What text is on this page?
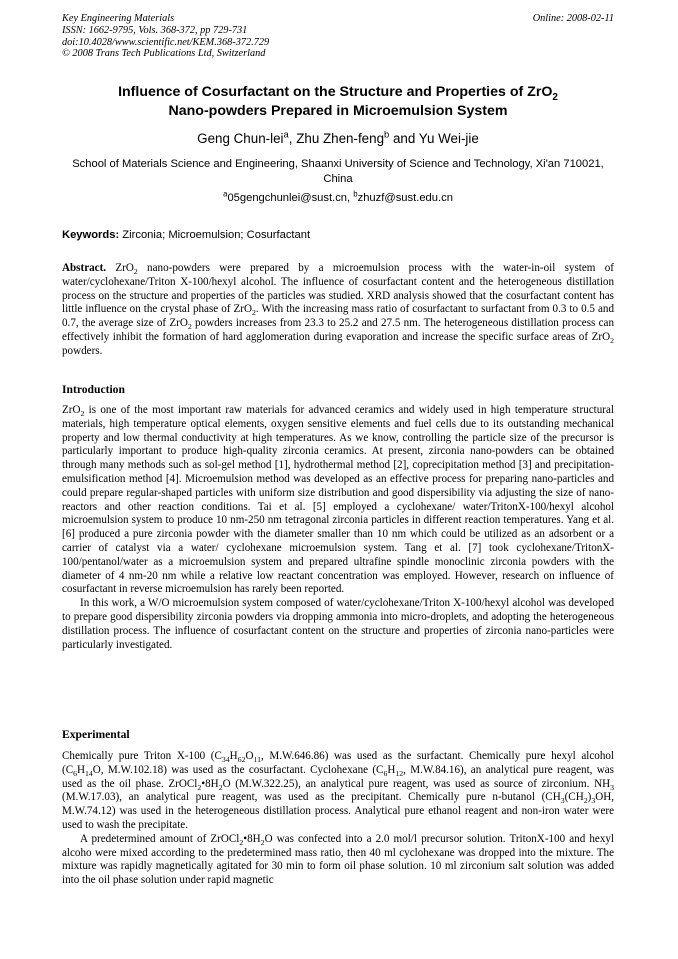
Key Engineering Materials
ISSN: 1662-9795, Vols. 368-372, pp 729-731
doi:10.4028/www.scientific.net/KEM.368-372.729
© 2008 Trans Tech Publications Ltd, Switzerland
Online: 2008-02-11
Influence of Cosurfactant on the Structure and Properties of ZrO$_2$
Nano-powders Prepared in Microemulsion System
Geng Chun-lei$^a$, Zhu Zhen-feng$^b$ and Yu Wei-jie
School of Materials Science and Engineering, Shaanxi University of Science and Technology, Xi'an 710021, China
$^a$05gengchunlei@sust.cn, $^b$zhuzf@sust.edu.cn
Keywords: Zirconia; Microemulsion; Cosurfactant

Abstract. ZrO$_2$ nano-powders were prepared by a microemulsion process with the water-in-oil system of water/cyclohexane/Triton X-100/hexyl alcohol. The influence of cosurfactant content and the heterogeneous distillation process on the structure and properties of the particles was studied. XRD analysis showed that the cosurfactant content has little influence on the crystal phase of ZrO$_2$. With the increasing mass ratio of cosurfactant to surfactant from 0.3 to 0.5 and 0.7, the average size of ZrO$_2$ powders increases from 23.3 to 25.2 and 27.5 nm. The heterogeneous distillation process can effectively inhibit the formation of hard agglomeration during evaporation and increase the specific surface areas of ZrO$_2$ powders.

Introduction

ZrO$_2$ is one of the most important raw materials for advanced ceramics and widely used in high temperature structural materials, high temperature optical elements, oxygen sensitive elements and fuel cells due to its outstanding mechanical property and low thermal conductivity at high temperatures. As we know, controlling the particle size of the precursor is particularly important to produce high-quality zirconia ceramics. At present, zirconia nano-powders can be obtained through many methods such as sol-gel method [1], hydrothermal method [2], coprecipitation method [3] and precipitation-emulsification method [4]. Microemulsion method was developed as an effective process for preparing nano-particles and could prepare regular-shaped particles with uniform size distribution and good dispersibility via adjusting the size of nano-reactors and other reaction conditions. Tai et al. [5] employed a cyclohexane/ water/TritonX-100/hexyl alcohol microemulsion system to produce 10 nm-250 nm tetragonal zirconia particles in different reaction temperatures. Yang et al. [6] produced a pure zirconia powder with the diameter smaller than 10 nm which could be utilized as an adsorbent or a carrier of catalyst via a water/ cyclohexane microemulsion system. Tang et al. [7] took cyclohexane/TritonX-100/pentanol/water as a microemulsion system and prepared ultrafine spindle monoclinic zirconia powders with the diameter of 4 nm-20 nm while a relative low reactant concentration was employed. However, research on influence of cosurfactant in reverse microemulsion has rarely been reported.

In this work, a W/O microemulsion system composed of water/cyclohexane/Triton X-100/hexyl alcohol was developed to prepare good dispersibility zirconia powders via dropping ammonia into micro-droplets, and adopting the heterogeneous distillation process. The influence of cosurfactant content on the structure and properties of zirconia nano-particles were particularly investigated.

Experimental

Chemically pure Triton X-100 ($C_{34}H_{62}O_{11}$, M.W.646.86) was used as the surfactant. Chemically pure hexyl alcohol ($C_6H_{14}O$, M.W.102.18) was used as the cosurfactant. Cyclohexane ($C_6H_{12}$, M.W.84.16), an analytical pure reagent, was used as the oil phase. $ZrOCl_2•8H_2O$ (M.W.322.25), an analytical pure reagent, was used as source of zirconium. $NH_3$ (M.W.17.03), an analytical pure reagent, was used as the precipitant. Chemically pure n-butanol ($CH_3(CH_2)_3OH$, M.W.74.12) was used in the heterogeneous distillation process. Analytical pure ethanol reagent and non-iron water were used to wash the precipitate.

A predetermined amount of $ZrOCl_2•8H_2O$ was confected into a 2.0 mol/l precursor solution. TritonX-100 and hexyl alcoho were mixed according to the predetermined mass ratio, then 40 ml cyclohexane was dropped into the mixture. The mixture was rapidly magnetically agitated for 30 min to form oil phase solution. 10 ml zirconium salt solution was added into the oil phase solution under rapid magnetic
